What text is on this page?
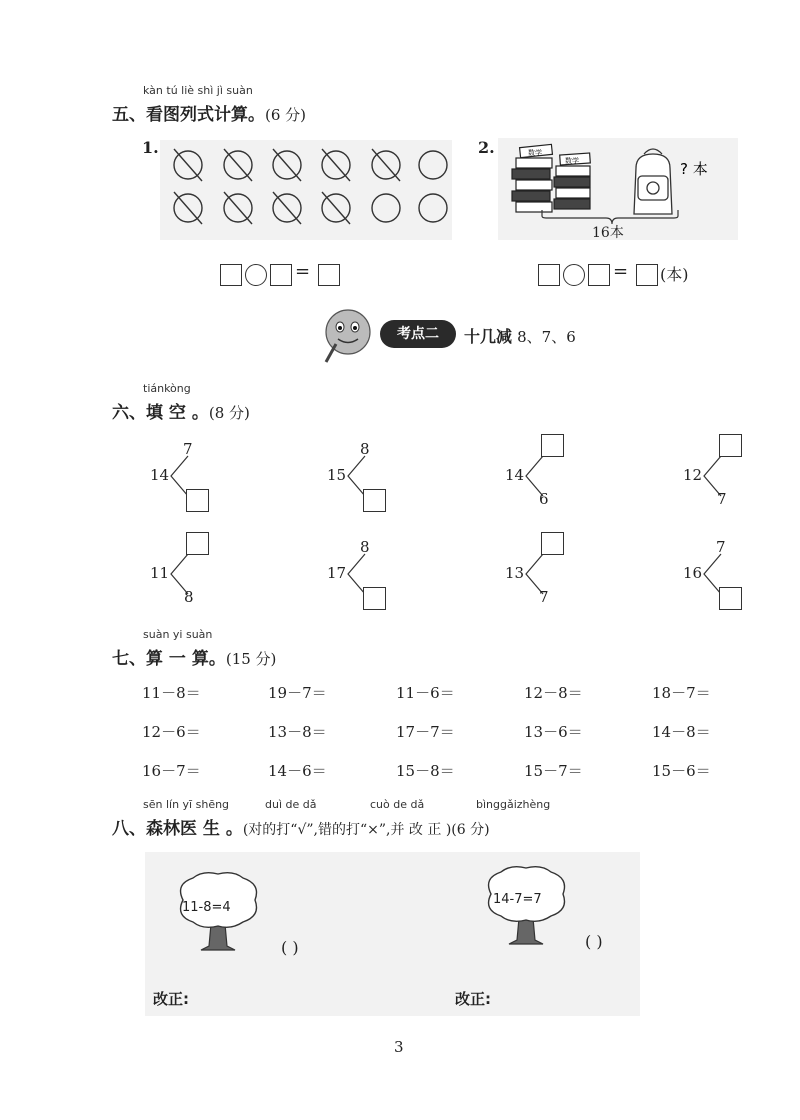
kàn tú liè shì jì suàn
五、看图列式计算。(6 分)
1.	2.	数学
数学	? 本
16本
=	= (本)
考点二	十几减 8、7、6
tiánkòng
六、填 空 。(8 分)
14
7
15
8
14
6
12
7
11
8
17
8
13
7
16
7
suàn yi suàn
七、算 一 算。(15 分)
11－8＝	19－7＝	11－6＝	12－8＝	18－7＝
12－6＝	13－8＝	17－7＝	13－6＝	14－8＝
16－7＝	14－6＝	15－8＝	15－7＝	15－6＝
sēn lín yī shēng	duì de dǎ	cuò de dǎ	bìnggǎizhèng
八、森林医 生 。(对的打“√”,错的打“×”,并 改 正 )(6 分)
11-8=4
( )
改正:
14-7=7
( )
改正:
3
